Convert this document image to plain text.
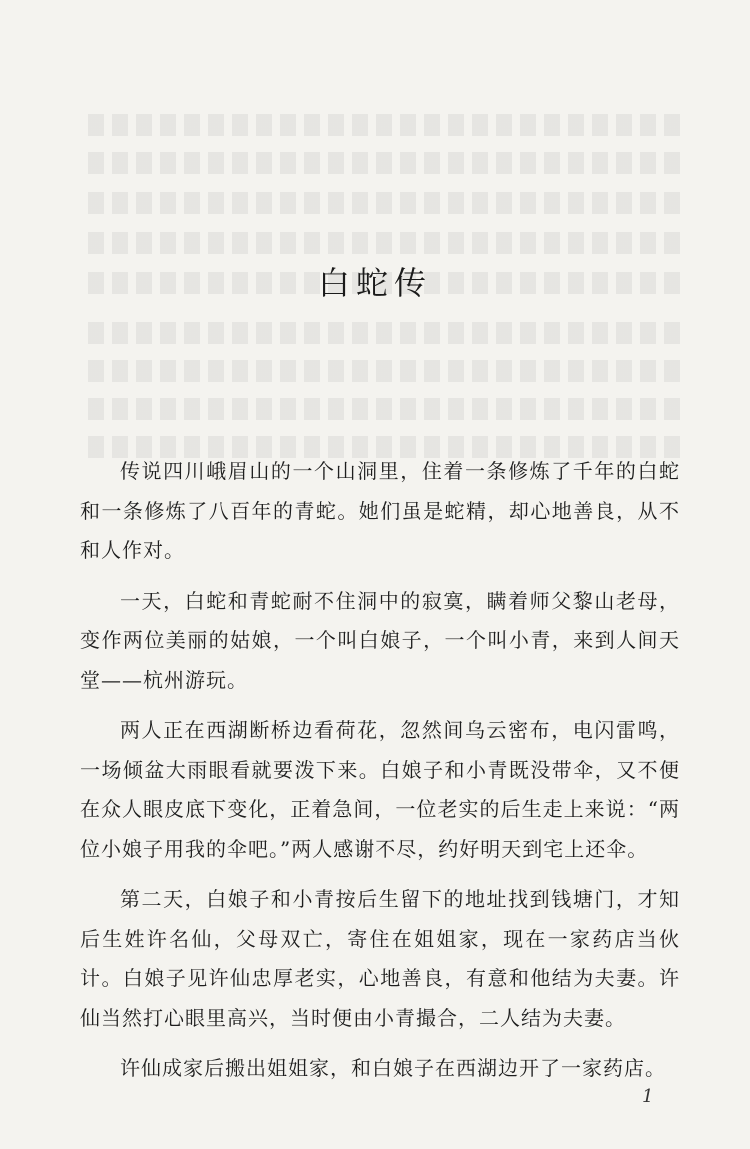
白蛇传

传说四川峨眉山的一个山洞里，住着一条修炼了千年的白蛇和一条修炼了八百年的青蛇。她们虽是蛇精，却心地善良，从不和人作对。

一天，白蛇和青蛇耐不住洞中的寂寞，瞒着师父黎山老母，变作两位美丽的姑娘，一个叫白娘子，一个叫小青，来到人间天堂——杭州游玩。

两人正在西湖断桥边看荷花，忽然间乌云密布，电闪雷鸣，一场倾盆大雨眼看就要泼下来。白娘子和小青既没带伞，又不便在众人眼皮底下变化，正着急间，一位老实的后生走上来说：“两位小娘子用我的伞吧。”两人感谢不尽，约好明天到宅上还伞。

第二天，白娘子和小青按后生留下的地址找到钱塘门，才知后生姓许名仙，父母双亡，寄住在姐姐家，现在一家药店当伙计。白娘子见许仙忠厚老实，心地善良，有意和他结为夫妻。许仙当然打心眼里高兴，当时便由小青撮合，二人结为夫妻。

许仙成家后搬出姐姐家，和白娘子在西湖边开了一家药店。

1
